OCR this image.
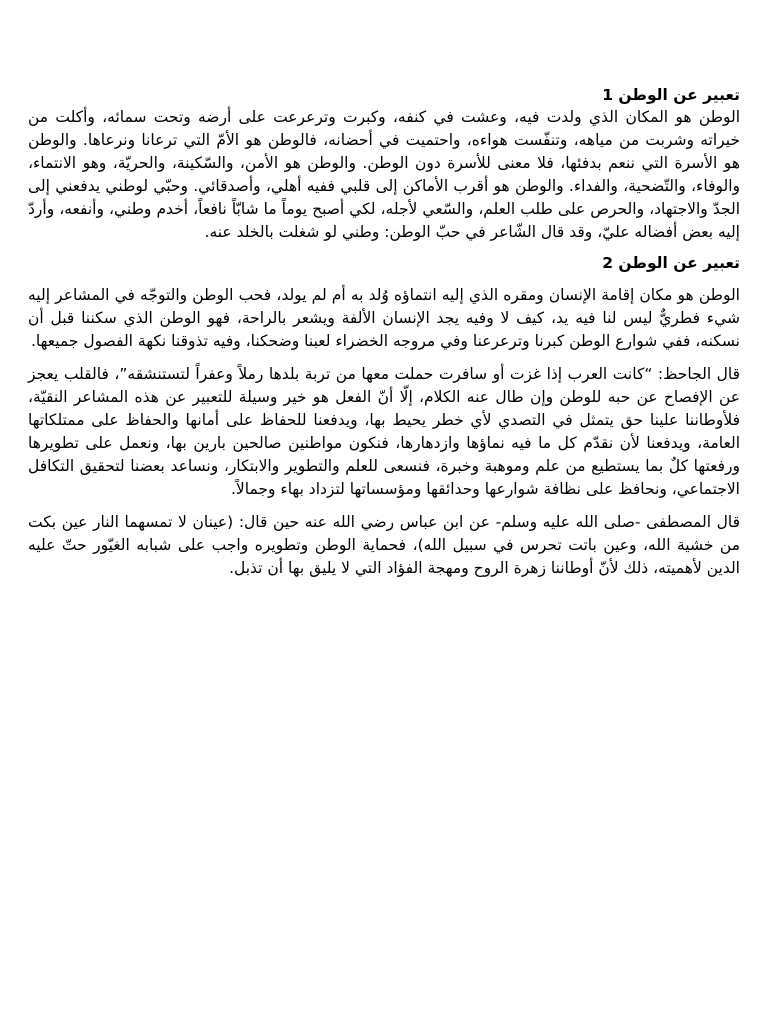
تعبير عن الوطن 1

الوطن هو المكان الذي ولدت فيه، وعشت في كنفه، وكبرت وترعرعت على أرضه وتحت سمائه، وأكلت من خيراته وشربت من مياهه، وتنفّست هواءه، واحتميت في أحضانه، فالوطن هو الأمّ التي ترعانا ونرعاها. والوطن هو الأسرة التي ننعم بدفئها، فلا معنى للأسرة دون الوطن. والوطن هو الأمن، والسّكينة، والحريّة، وهو الانتماء، والوفاء، والتّضحية، والفداء. والوطن هو أقرب الأماكن إلى قلبي ففيه أهلي، وأصدقائي. وحبّي لوطني يدفعني إلى الجدّ والاجتهاد، والحرص على طلب العلم، والسّعي لأجله، لكي أصبح يوماً ما شابّاً نافعاً، أخدم وطني، وأنفعه، وأردّ إليه بعض أفضاله عليّ، وقد قال الشّاعر في حبّ الوطن: وطني لو شغلت بالخلد عنه.

تعبير عن الوطن 2

الوطن هو مكان إقامة الإنسان ومقره الذي إليه انتماؤه وُلد به أم لم يولد، فحب الوطن والتوجّه في المشاعر إليه شيء فطريٌّ ليس لنا فيه يد، كيف لا وفيه يجد الإنسان الألفة ويشعر بالراحة، فهو الوطن الذي سكننا قبل أن نسكنه، ففي شوارع الوطن كبرنا وترعرعنا وفي مروجه الخضراء لعبنا وضحكنا، وفيه تذوقنا نكهة الفصول جميعها.

قال الجاحظ: “كانت العرب إذا غزت أو سافرت حملت معها من تربة بلدها رملاً وعفراً لتستنشقه”، فالقلب يعجز عن الإفصاح عن حبه للوطن وإن طال عنه الكلام، إلّا أنّ الفعل هو خير وسيلة للتعبير عن هذه المشاعر النقيّة، فلأوطاننا علينا حق يتمثل في التصدي لأي خطر يحيط بها، ويدفعنا للحفاظ على أمانها والحفاظ على ممتلكاتها العامة، ويدفعنا لأن نقدّم كل ما فيه نماؤها وازدهارها، فنكون مواطنين صالحين بارين بها، ونعمل على تطويرها ورفعتها كلٌ بما يستطيع من علم وموهبة وخبرة، فنسعى للعلم والتطوير والابتكار، ونساعد بعضنا لتحقيق التكافل الاجتماعي، ونحافظ على نظافة شوارعها وحدائقها ومؤسساتها لتزداد بهاء وجمالاً.

قال المصطفى -صلى الله عليه وسلم- عن ابن عباس رضي الله عنه حين قال: (عينان لا تمسهما النار عين بكت من خشية الله، وعين باتت تحرس في سبيل الله)، فحماية الوطن وتطويره واجب على شبابه الغيّور حتّ عليه الدين لأهميته، ذلك لأنّ أوطاننا زهرة الروح ومهجة الفؤاد التي لا يليق بها أن تذبل.
